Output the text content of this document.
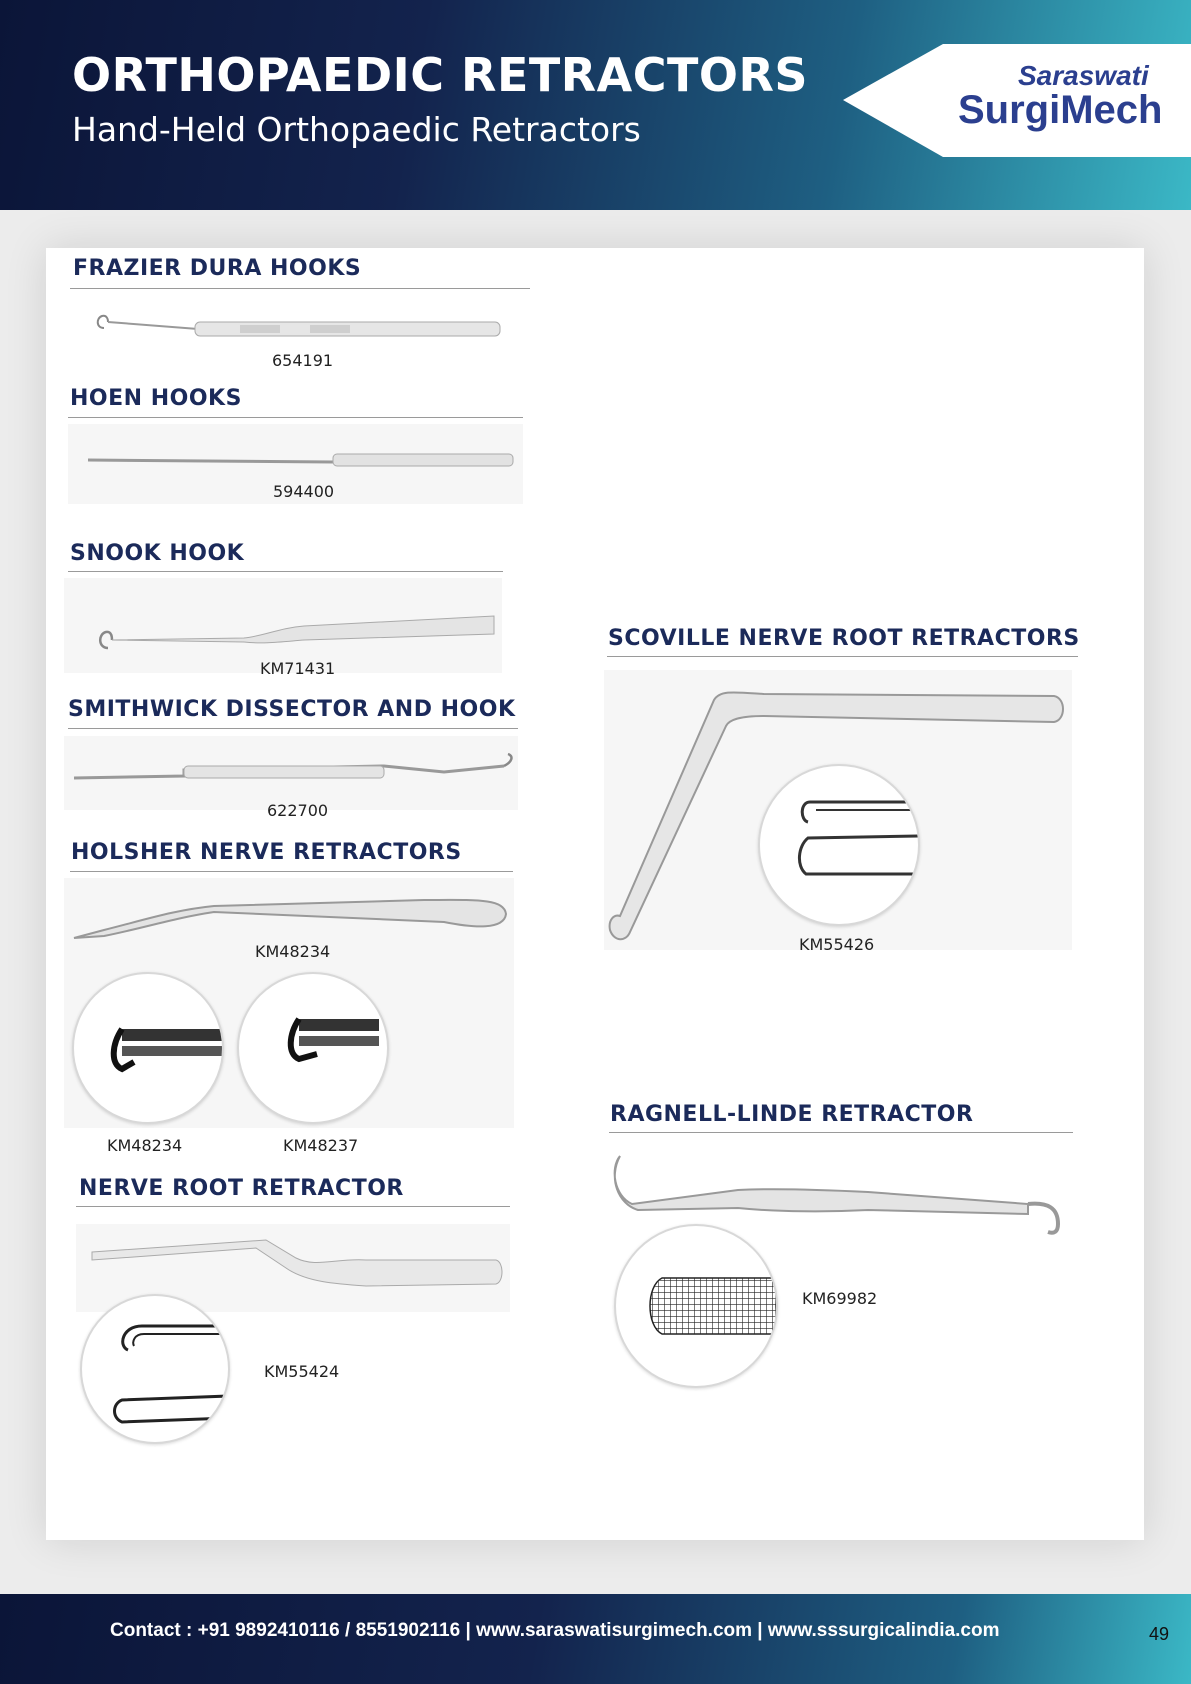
ORTHOPAEDIC RETRACTORS
Hand-Held Orthopaedic Retractors
Saraswati
SurgiMech
FRAZIER DURA HOOKS
654191
HOEN HOOKS
594400
SNOOK HOOK
KM71431
SMITHWICK DISSECTOR AND HOOK
622700
HOLSHER NERVE RETRACTORS
KM48234
KM48234	KM48237
NERVE ROOT RETRACTOR
KM55424
SCOVILLE NERVE ROOT RETRACTORS
KM55426
RAGNELL-LINDE RETRACTOR
KM69982
Contact : +91 9892410116 / 8551902116 | www.saraswatisurgimech.com | www.sssurgicalindia.com	49
